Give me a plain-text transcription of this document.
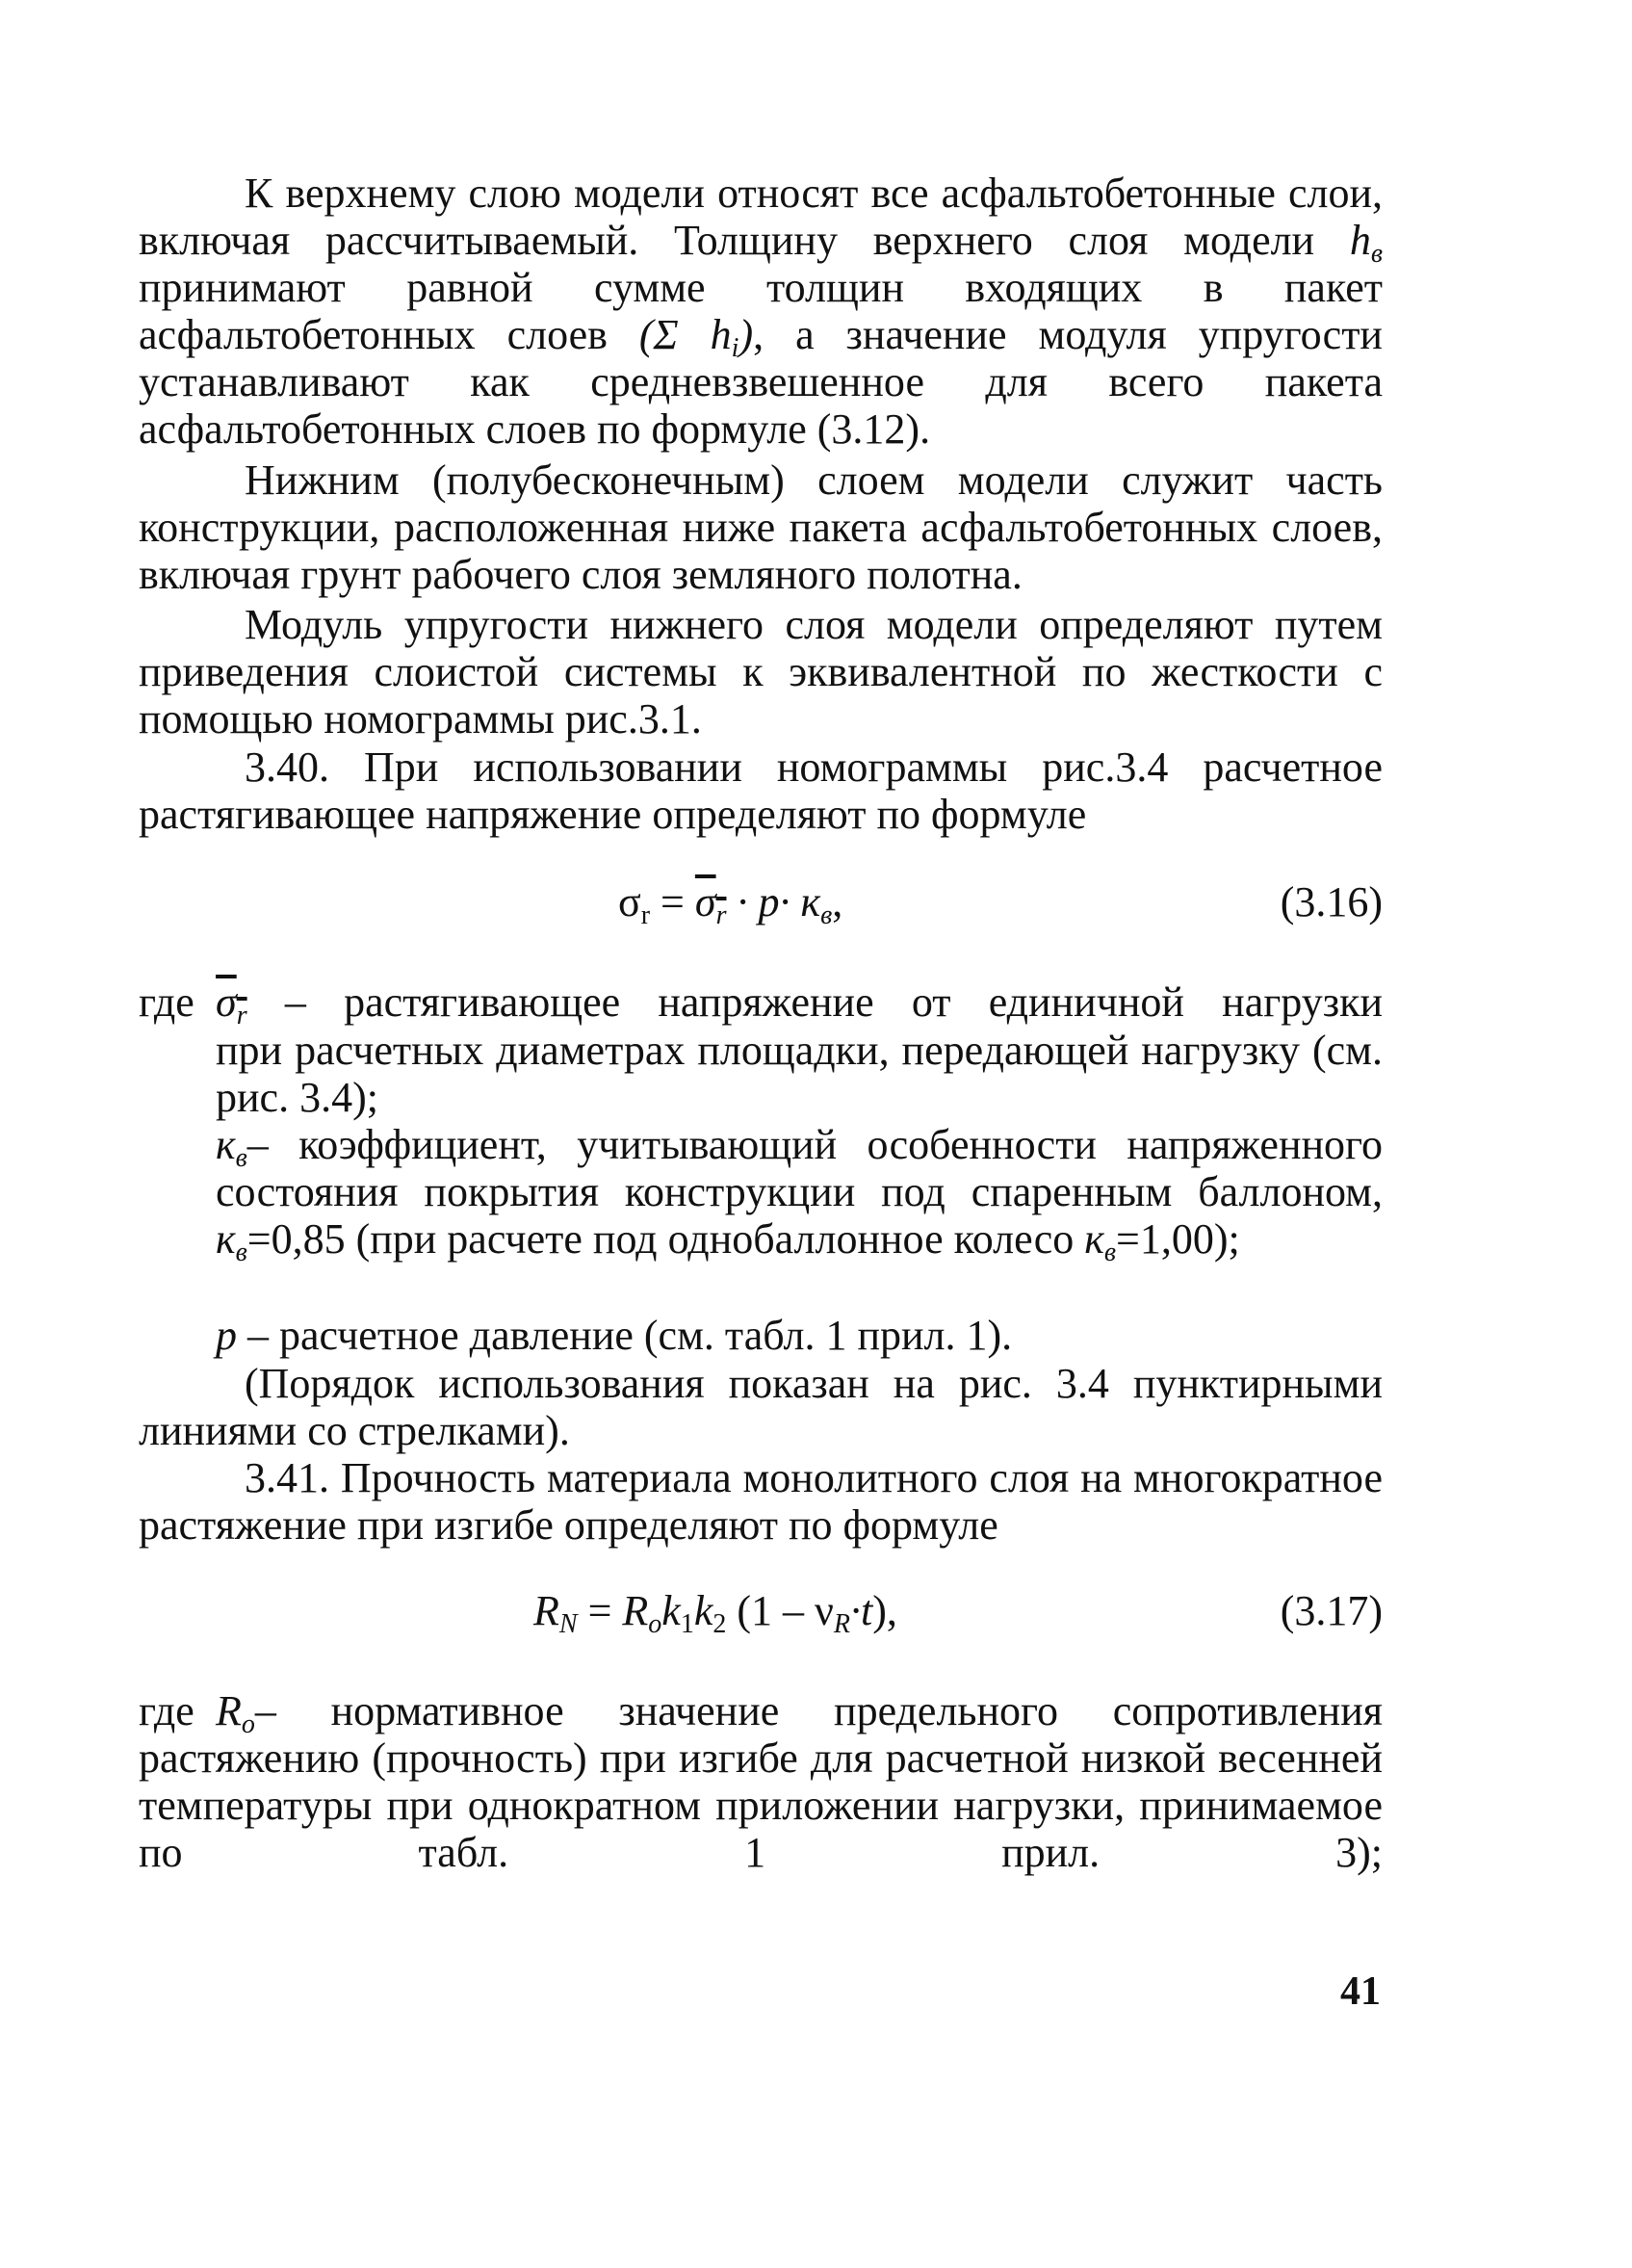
К верхнему слою модели относят все асфальтобетонные слои, включая рассчитываемый. Толщину верхнего слоя модели $h_в$ принимают равной сумме толщин входящих в пакет асфальтобетонных слоев (Σ $h_i$), а значение модуля упругости устанавливают как средневзвешенное для всего пакета асфальтобетонных слоев по формуле (3.12).

Нижним (полубесконечным) слоем модели служит часть конструкции, расположенная ниже пакета асфальтобетонных слоев, включая грунт рабочего слоя земляного полотна.

Модуль упругости нижнего слоя модели определяют путем приведения слоистой системы к эквивалентной по жесткости с помощью номограммы рис.3.1.

3.40. При использовании номограммы рис.3.4 расчетное растягивающее напряжение определяют по формуле

$\sigma_r = \sigma_r \cdot p\cdot к_в$,	(3.16)

где $\sigma_r$ – растягивающее напряжение от единичной нагрузки

при расчетных диаметрах площадки, передающей нагрузку (см. рис. 3.4);

$к_в-$ коэффициент, учитывающий особенности напряженного состояния покрытия конструкции под спаренным баллоном, $к_в=0,85$ (при расчете под однобаллонное колесо $к_в=1,00$);

p – расчетное давление (см. табл. 1 прил. 1).

(Порядок использования показан на рис. 3.4 пунктирными линиями со стрелками).

3.41. Прочность материала монолитного слоя на многократное растяжение при изгибе определяют по формуле

$R_N = R_ok_1k_2$ $(1 - \nu_R\cdot t)$,	(3.17)

где $R_o-$ нормативное значение предельного сопротивления растяжению (прочность) при изгибе для расчетной низкой весенней температуры при однократном приложении нагрузки, принимаемое по табл. 1 прил. 3);

41
